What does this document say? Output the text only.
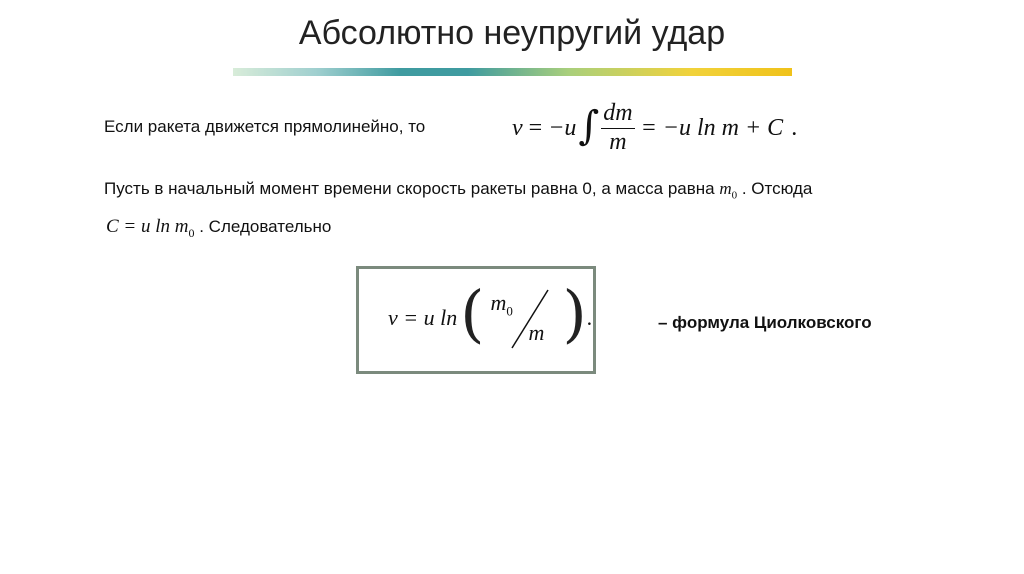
Абсолютно неупругий удар
Если ракета движется прямолинейно, то	v = −u ∫ $\frac{dm}{m} = -u$ ln m + C .
Пусть в начальный момент времени скорость ракеты равна 0, а масса равна $m_0$ . Отсюда
C = u $\ln m_0$ . Следовательно
v = u ln ( $m_0$
m ) .	– формула Циолковского
